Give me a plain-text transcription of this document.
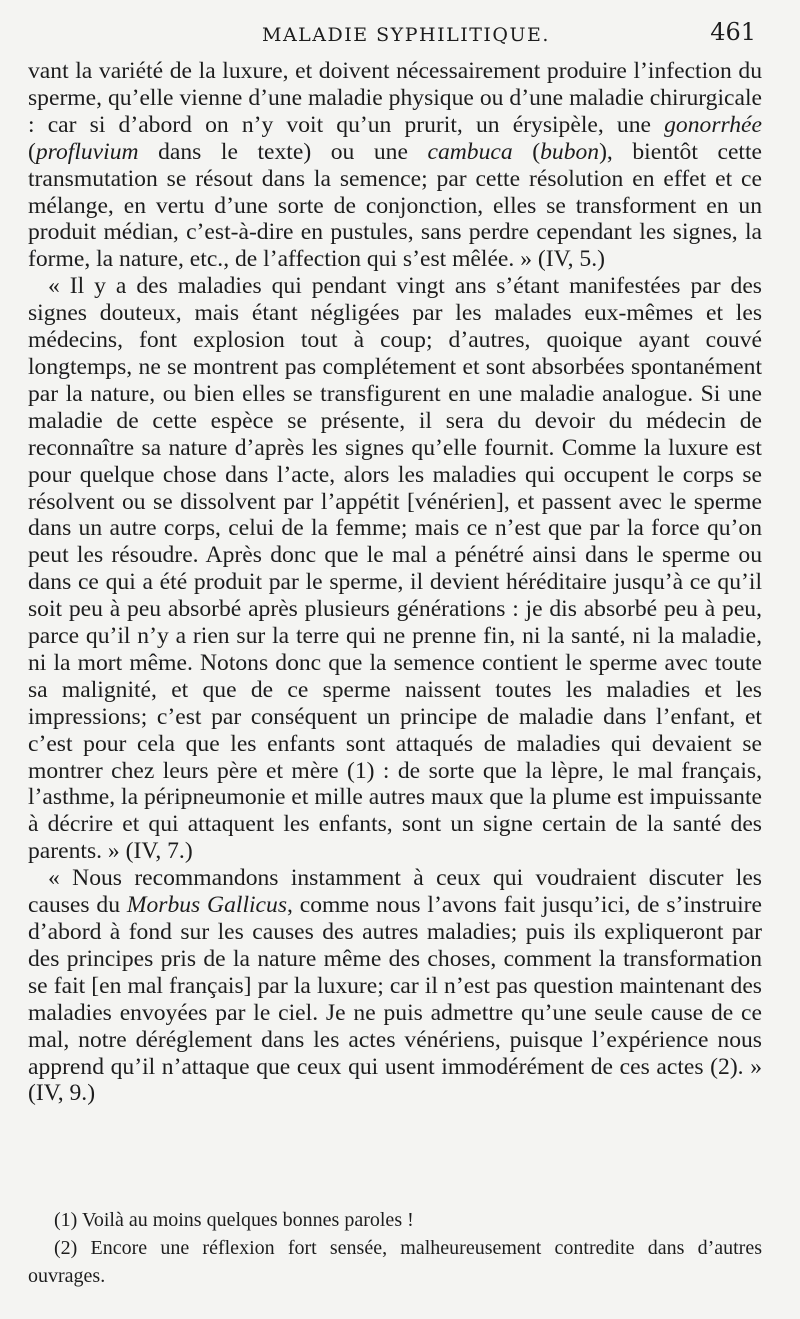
MALADIE SYPHILITIQUE.	461

vant la variété de la luxure, et doivent nécessairement produire l’infection du sperme, qu’elle vienne d’une maladie physique ou d’une maladie chirurgicale : car si d’abord on n’y voit qu’un prurit, un érysipèle, une gonorrhée (profluvium dans le texte) ou une cambuca (bubon), bientôt cette transmutation se résout dans la semence; par cette résolution en effet et ce mélange, en vertu d’une sorte de conjonction, elles se transforment en un produit médian, c’est-à-dire en pustules, sans perdre cependant les signes, la forme, la nature, etc., de l’affection qui s’est mêlée. » (IV, 5.)

« Il y a des maladies qui pendant vingt ans s’étant manifestées par des signes douteux, mais étant négligées par les malades eux-mêmes et les médecins, font explosion tout à coup; d’autres, quoique ayant couvé longtemps, ne se montrent pas complétement et sont absorbées spontanément par la nature, ou bien elles se transfigurent en une maladie analogue. Si une maladie de cette espèce se présente, il sera du devoir du médecin de reconnaître sa nature d’après les signes qu’elle fournit. Comme la luxure est pour quelque chose dans l’acte, alors les maladies qui occupent le corps se résolvent ou se dissolvent par l’appétit [vénérien], et passent avec le sperme dans un autre corps, celui de la femme; mais ce n’est que par la force qu’on peut les résoudre. Après donc que le mal a pénétré ainsi dans le sperme ou dans ce qui a été produit par le sperme, il devient héréditaire jusqu’à ce qu’il soit peu à peu absorbé après plusieurs générations : je dis absorbé peu à peu, parce qu’il n’y a rien sur la terre qui ne prenne fin, ni la santé, ni la maladie, ni la mort même. Notons donc que la semence contient le sperme avec toute sa malignité, et que de ce sperme naissent toutes les maladies et les impressions; c’est par conséquent un principe de maladie dans l’enfant, et c’est pour cela que les enfants sont attaqués de maladies qui devaient se montrer chez leurs père et mère (1) : de sorte que la lèpre, le mal français, l’asthme, la péripneumonie et mille autres maux que la plume est impuissante à décrire et qui attaquent les enfants, sont un signe certain de la santé des parents. » (IV, 7.)

« Nous recommandons instamment à ceux qui voudraient discuter les causes du Morbus Gallicus, comme nous l’avons fait jusqu’ici, de s’instruire d’abord à fond sur les causes des autres maladies; puis ils expliqueront par des principes pris de la nature même des choses, comment la transformation se fait [en mal français] par la luxure; car il n’est pas question maintenant des maladies envoyées par le ciel. Je ne puis admettre qu’une seule cause de ce mal, notre déréglement dans les actes vénériens, puisque l’expérience nous apprend qu’il n’attaque que ceux qui usent immodérément de ces actes (2). » (IV, 9.)

(1) Voilà au moins quelques bonnes paroles !

(2) Encore une réflexion fort sensée, malheureusement contredite dans d’autres ouvrages.
